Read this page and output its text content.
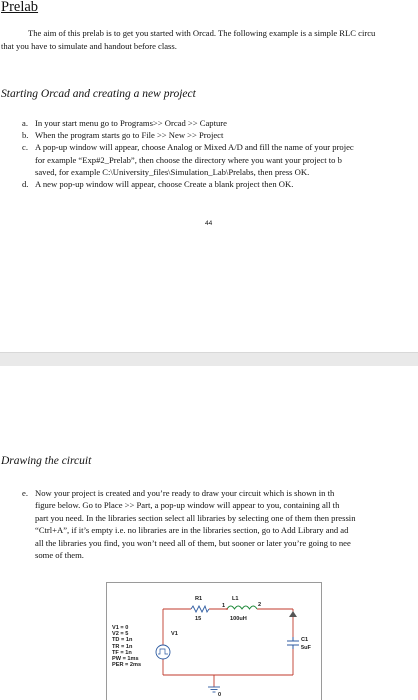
Prelab
The aim of this prelab is to get you started with Orcad. The following example is a simple RLC circu
that you have to simulate and handout before class.
Starting Orcad and creating a new project
a. In your start menu go to Programs>> Orcad >> Capture
b. When the program starts go to File >> New >> Project
c. A pop-up window will appear, choose Analog or Mixed A/D and fill the name of your projec
for example “Exp#2_Prelab”, then choose the directory where you want your project to b
saved, for example C:\University_files\Simulation_Lab\Prelabs, then press OK.
d. A new pop-up window will appear, choose Create a blank project then OK.
44
Drawing the circuit
e. Now your project is created and you’re ready to draw your circuit which is shown in th
figure below. Go to Place >> Part, a pop-up window will appear to you, containing all th
part you need. In the libraries section select all libraries by selecting one of them then pressin
“Ctrl+A”, if it’s empty i.e. no libraries are in the libraries section, go to Add Library and ad
all the libraries you find, you won’t need all of them, but sooner or later you’re going to nee
some of them.
V1 = 0
V2 = 5
TD = 1n
TR = 1n
TF = 1n
PW = 1ms
PER = 2ms
V1
R1
15
L1
100uH
1	2
C1
5uF
0
